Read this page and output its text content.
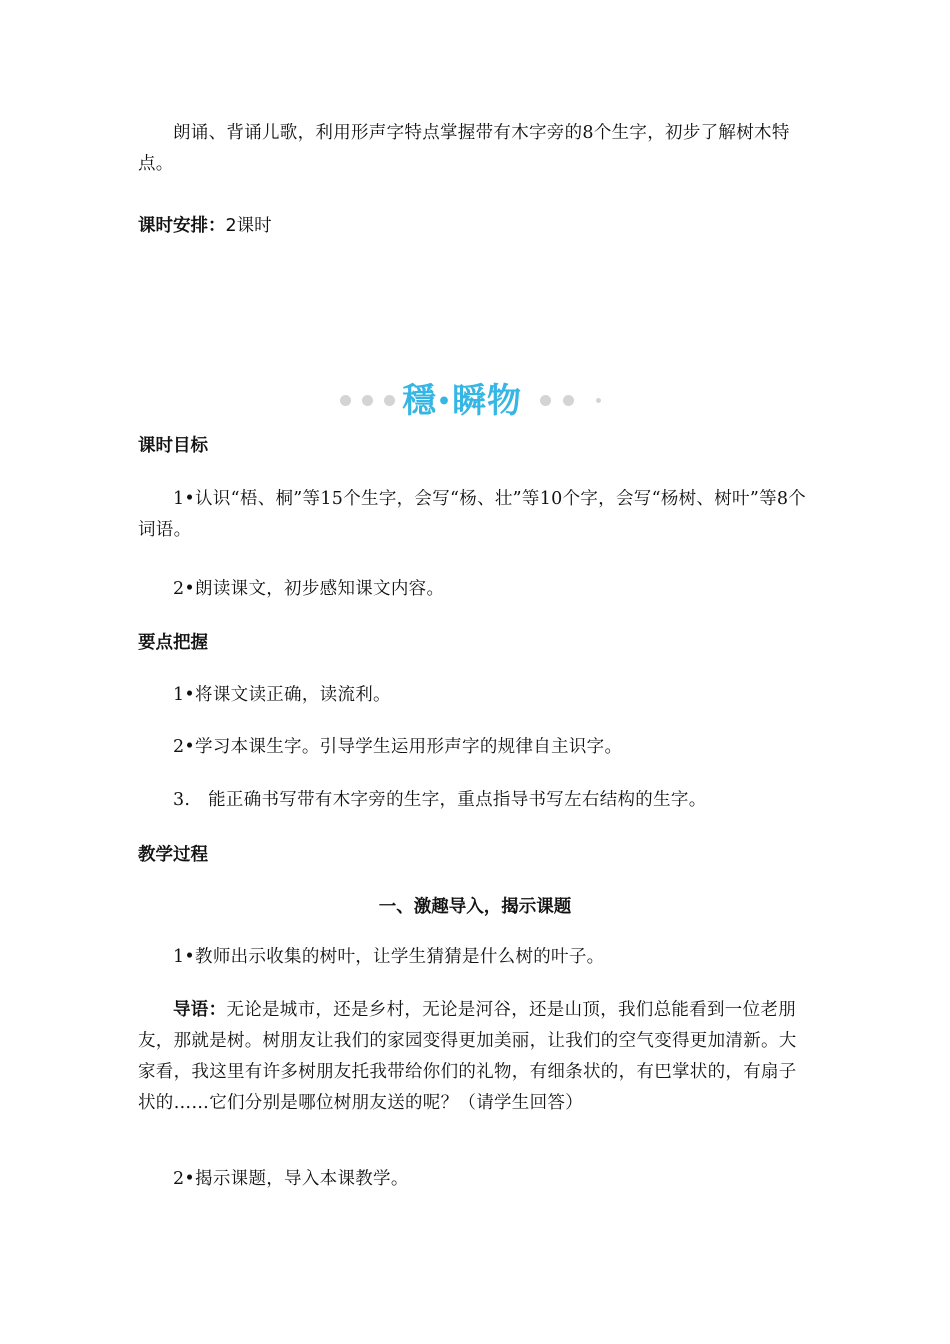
朗诵、背诵儿歌，利用形声字特点掌握带有木字旁的8个生字，初步了解树木特点。

课时安排：2课时
穩•瞬物
课时目标

1•认识“梧、桐”等15个生字，会写“杨、壮”等10个字，会写“杨树、树叶”等8个词语。

2•朗读课文，初步感知课文内容。

要点把握

1•将课文读正确，读流利。

2•学习本课生字。引导学生运用形声字的规律自主识字。

3.　能正确书写带有木字旁的生字，重点指导书写左右结构的生字。

教学过程
一、激趣导入，揭示课题

1•教师出示收集的树叶，让学生猜猜是什么树的叶子。

导语：无论是城市，还是乡村，无论是河谷，还是山顶，我们总能看到一位老朋友，那就是树。树朋友让我们的家园变得更加美丽，让我们的空气变得更加清新。大家看，我这里有许多树朋友托我带给你们的礼物，有细条状的，有巴掌状的，有扇子状的……它们分别是哪位树朋友送的呢？（请学生回答）

2•揭示课题，导入本课教学。
